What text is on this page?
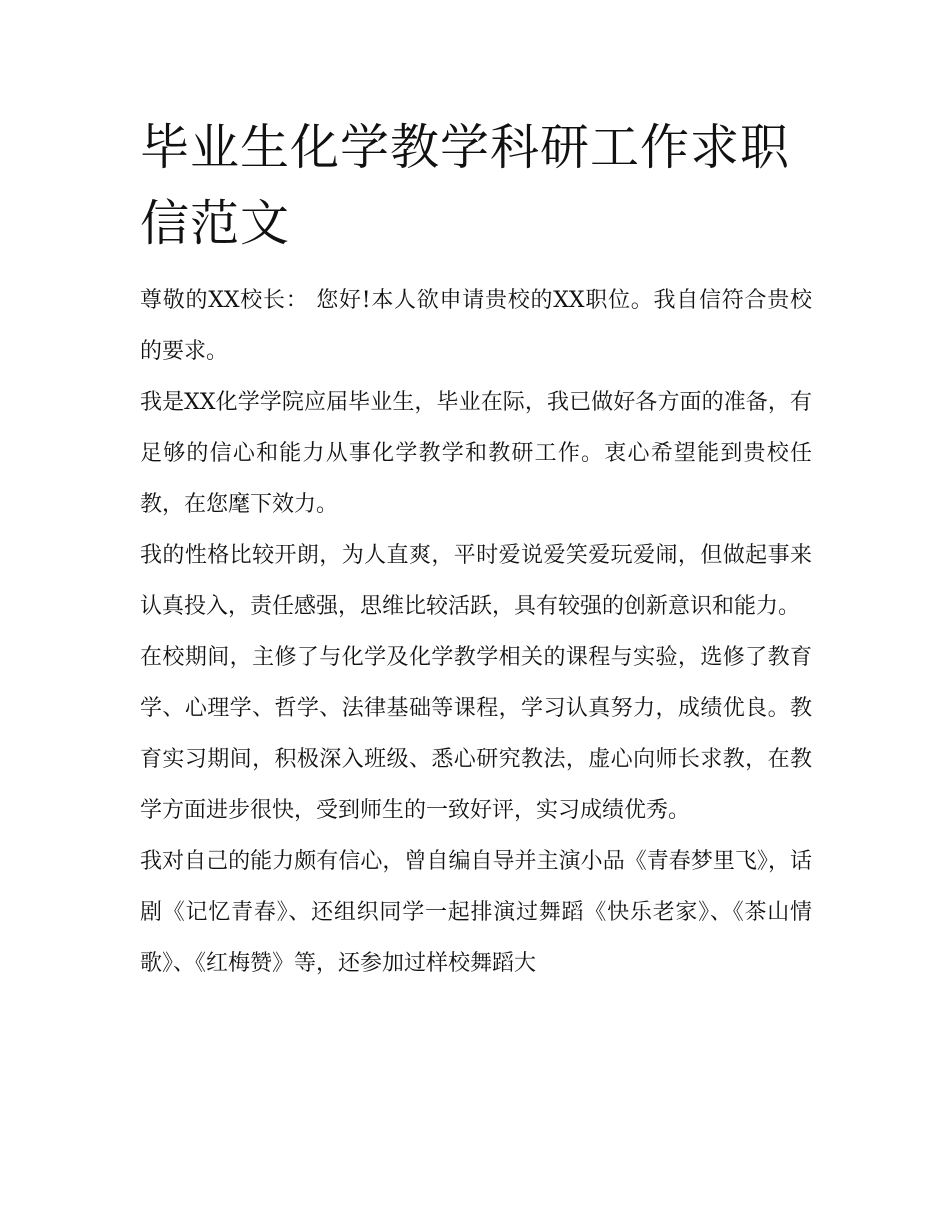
毕业生化学教学科研工作求职信范文

尊敬的XX校长： 您好!本人欲申请贵校的XX职位。我自信符合贵校的要求。

我是XX化学学院应届毕业生，毕业在际，我已做好各方面的准备，有足够的信心和能力从事化学教学和教研工作。衷心希望能到贵校任教，在您麾下效力。

我的性格比较开朗，为人直爽，平时爱说爱笑爱玩爱闹，但做起事来认真投入，责任感强，思维比较活跃，具有较强的创新意识和能力。

在校期间，主修了与化学及化学教学相关的课程与实验，选修了教育学、心理学、哲学、法律基础等课程，学习认真努力，成绩优良。教育实习期间，积极深入班级、悉心研究教法，虚心向师长求教，在教学方面进步很快，受到师生的一致好评，实习成绩优秀。

我对自己的能力颇有信心，曾自编自导并主演小品《青春梦里飞》，话剧《记忆青春》、还组织同学一起排演过舞蹈《快乐老家》、《茶山情歌》、《红梅赞》等，还参加过样校舞蹈大
